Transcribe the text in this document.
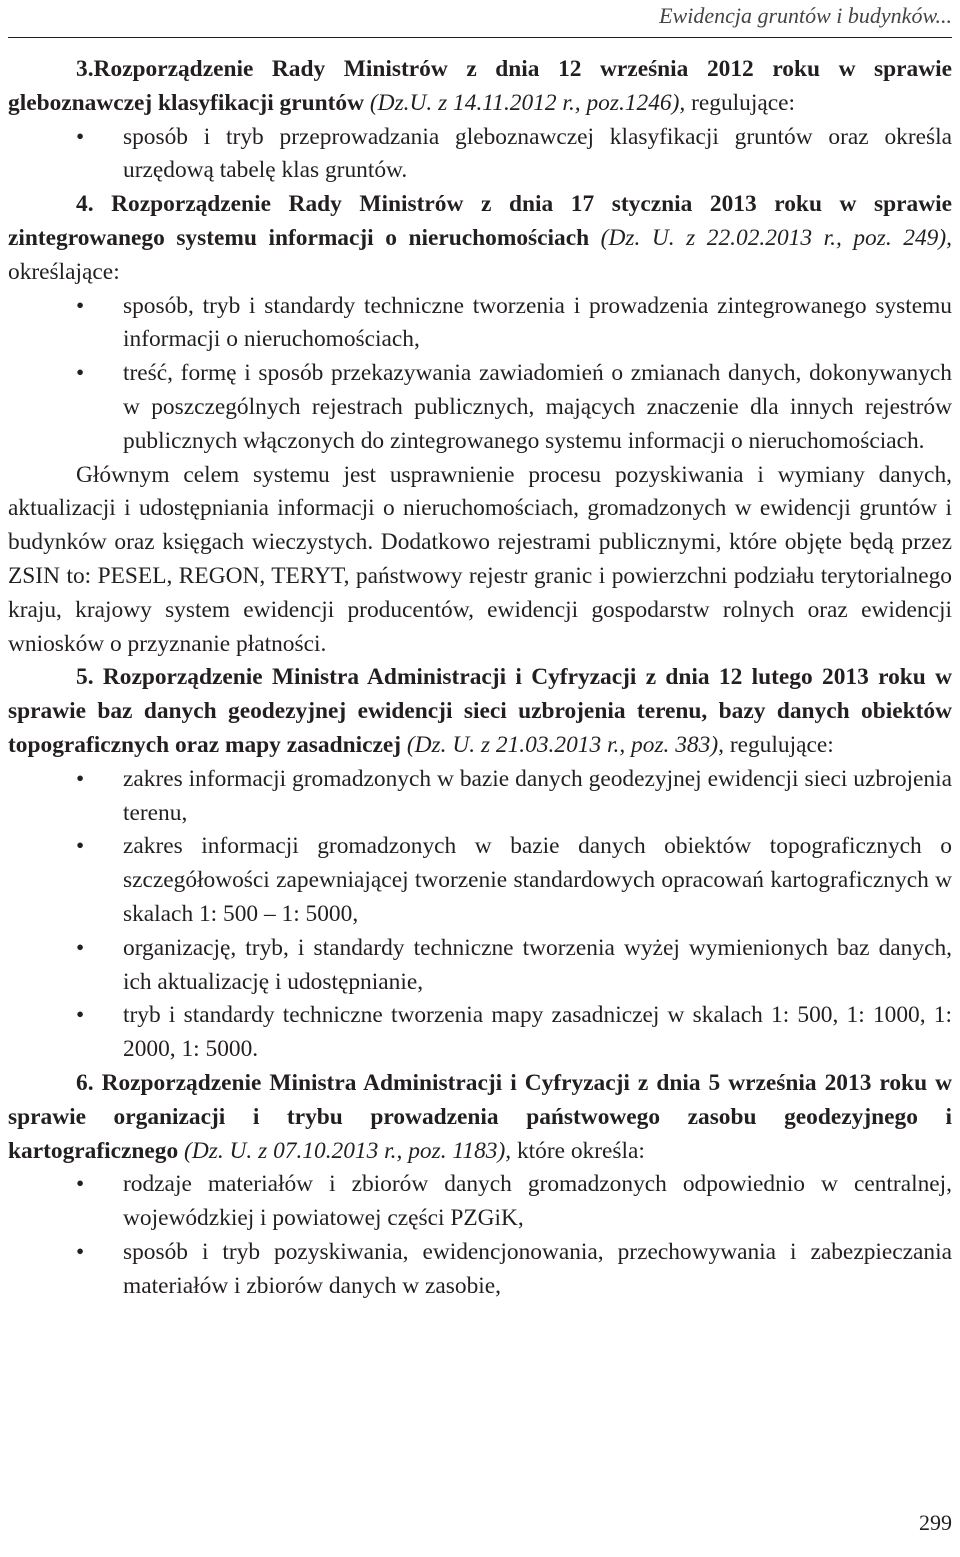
Ewidencja gruntów i budynków...

3.Rozporządzenie Rady Ministrów z dnia 12 września 2012 roku w sprawie gleboznawczej klasyfikacji gruntów (Dz.U. z 14.11.2012 r., poz.1246), regulujące:

• sposób i tryb przeprowadzania gleboznawczej klasyfikacji gruntów oraz określa urzędową tabelę klas gruntów.

4. Rozporządzenie Rady Ministrów z dnia 17 stycznia 2013 roku w sprawie zintegrowanego systemu informacji o nieruchomościach (Dz. U. z 22.02.2013 r., poz. 249), określające:

• sposób, tryb i standardy techniczne tworzenia i prowadzenia zintegrowanego systemu informacji o nieruchomościach,
• treść, formę i sposób przekazywania zawiadomień o zmianach danych, dokonywanych w poszczególnych rejestrach publicznych, mających znaczenie dla innych rejestrów publicznych włączonych do zintegrowanego systemu informacji o nieruchomościach.

Głównym celem systemu jest usprawnienie procesu pozyskiwania i wymiany danych, aktualizacji i udostępniania informacji o nieruchomościach, gromadzonych w ewidencji gruntów i budynków oraz księgach wieczystych. Dodatkowo rejestrami publicznymi, które objęte będą przez ZSIN to: PESEL, REGON, TERYT, państwowy rejestr granic i powierzchni podziału terytorialnego kraju, krajowy system ewidencji producentów, ewidencji gospodarstw rolnych oraz ewidencji wniosków o przyznanie płatności.

5. Rozporządzenie Ministra Administracji i Cyfryzacji z dnia 12 lutego 2013 roku w sprawie baz danych geodezyjnej ewidencji sieci uzbrojenia terenu, bazy danych obiektów topograficznych oraz mapy zasadniczej (Dz. U. z 21.03.2013 r., poz. 383), regulujące:

• zakres informacji gromadzonych w bazie danych geodezyjnej ewidencji sieci uzbrojenia terenu,
• zakres informacji gromadzonych w bazie danych obiektów topograficznych o szczegółowości zapewniającej tworzenie standardowych opracowań kartograficznych w skalach 1: 500 – 1: 5000,
• organizację, tryb, i standardy techniczne tworzenia wyżej wymienionych baz danych, ich aktualizację i udostępnianie,
• tryb i standardy techniczne tworzenia mapy zasadniczej w skalach 1: 500, 1: 1000, 1: 2000, 1: 5000.

6. Rozporządzenie Ministra Administracji i Cyfryzacji z dnia 5 września 2013 roku w sprawie organizacji i trybu prowadzenia państwowego zasobu geodezyjnego i kartograficznego (Dz. U. z 07.10.2013 r., poz. 1183), które określa:

• rodzaje materiałów i zbiorów danych gromadzonych odpowiednio w centralnej, wojewódzkiej i powiatowej części PZGiK,
• sposób i tryb pozyskiwania, ewidencjonowania, przechowywania i zabezpieczania materiałów i zbiorów danych w zasobie,
299
